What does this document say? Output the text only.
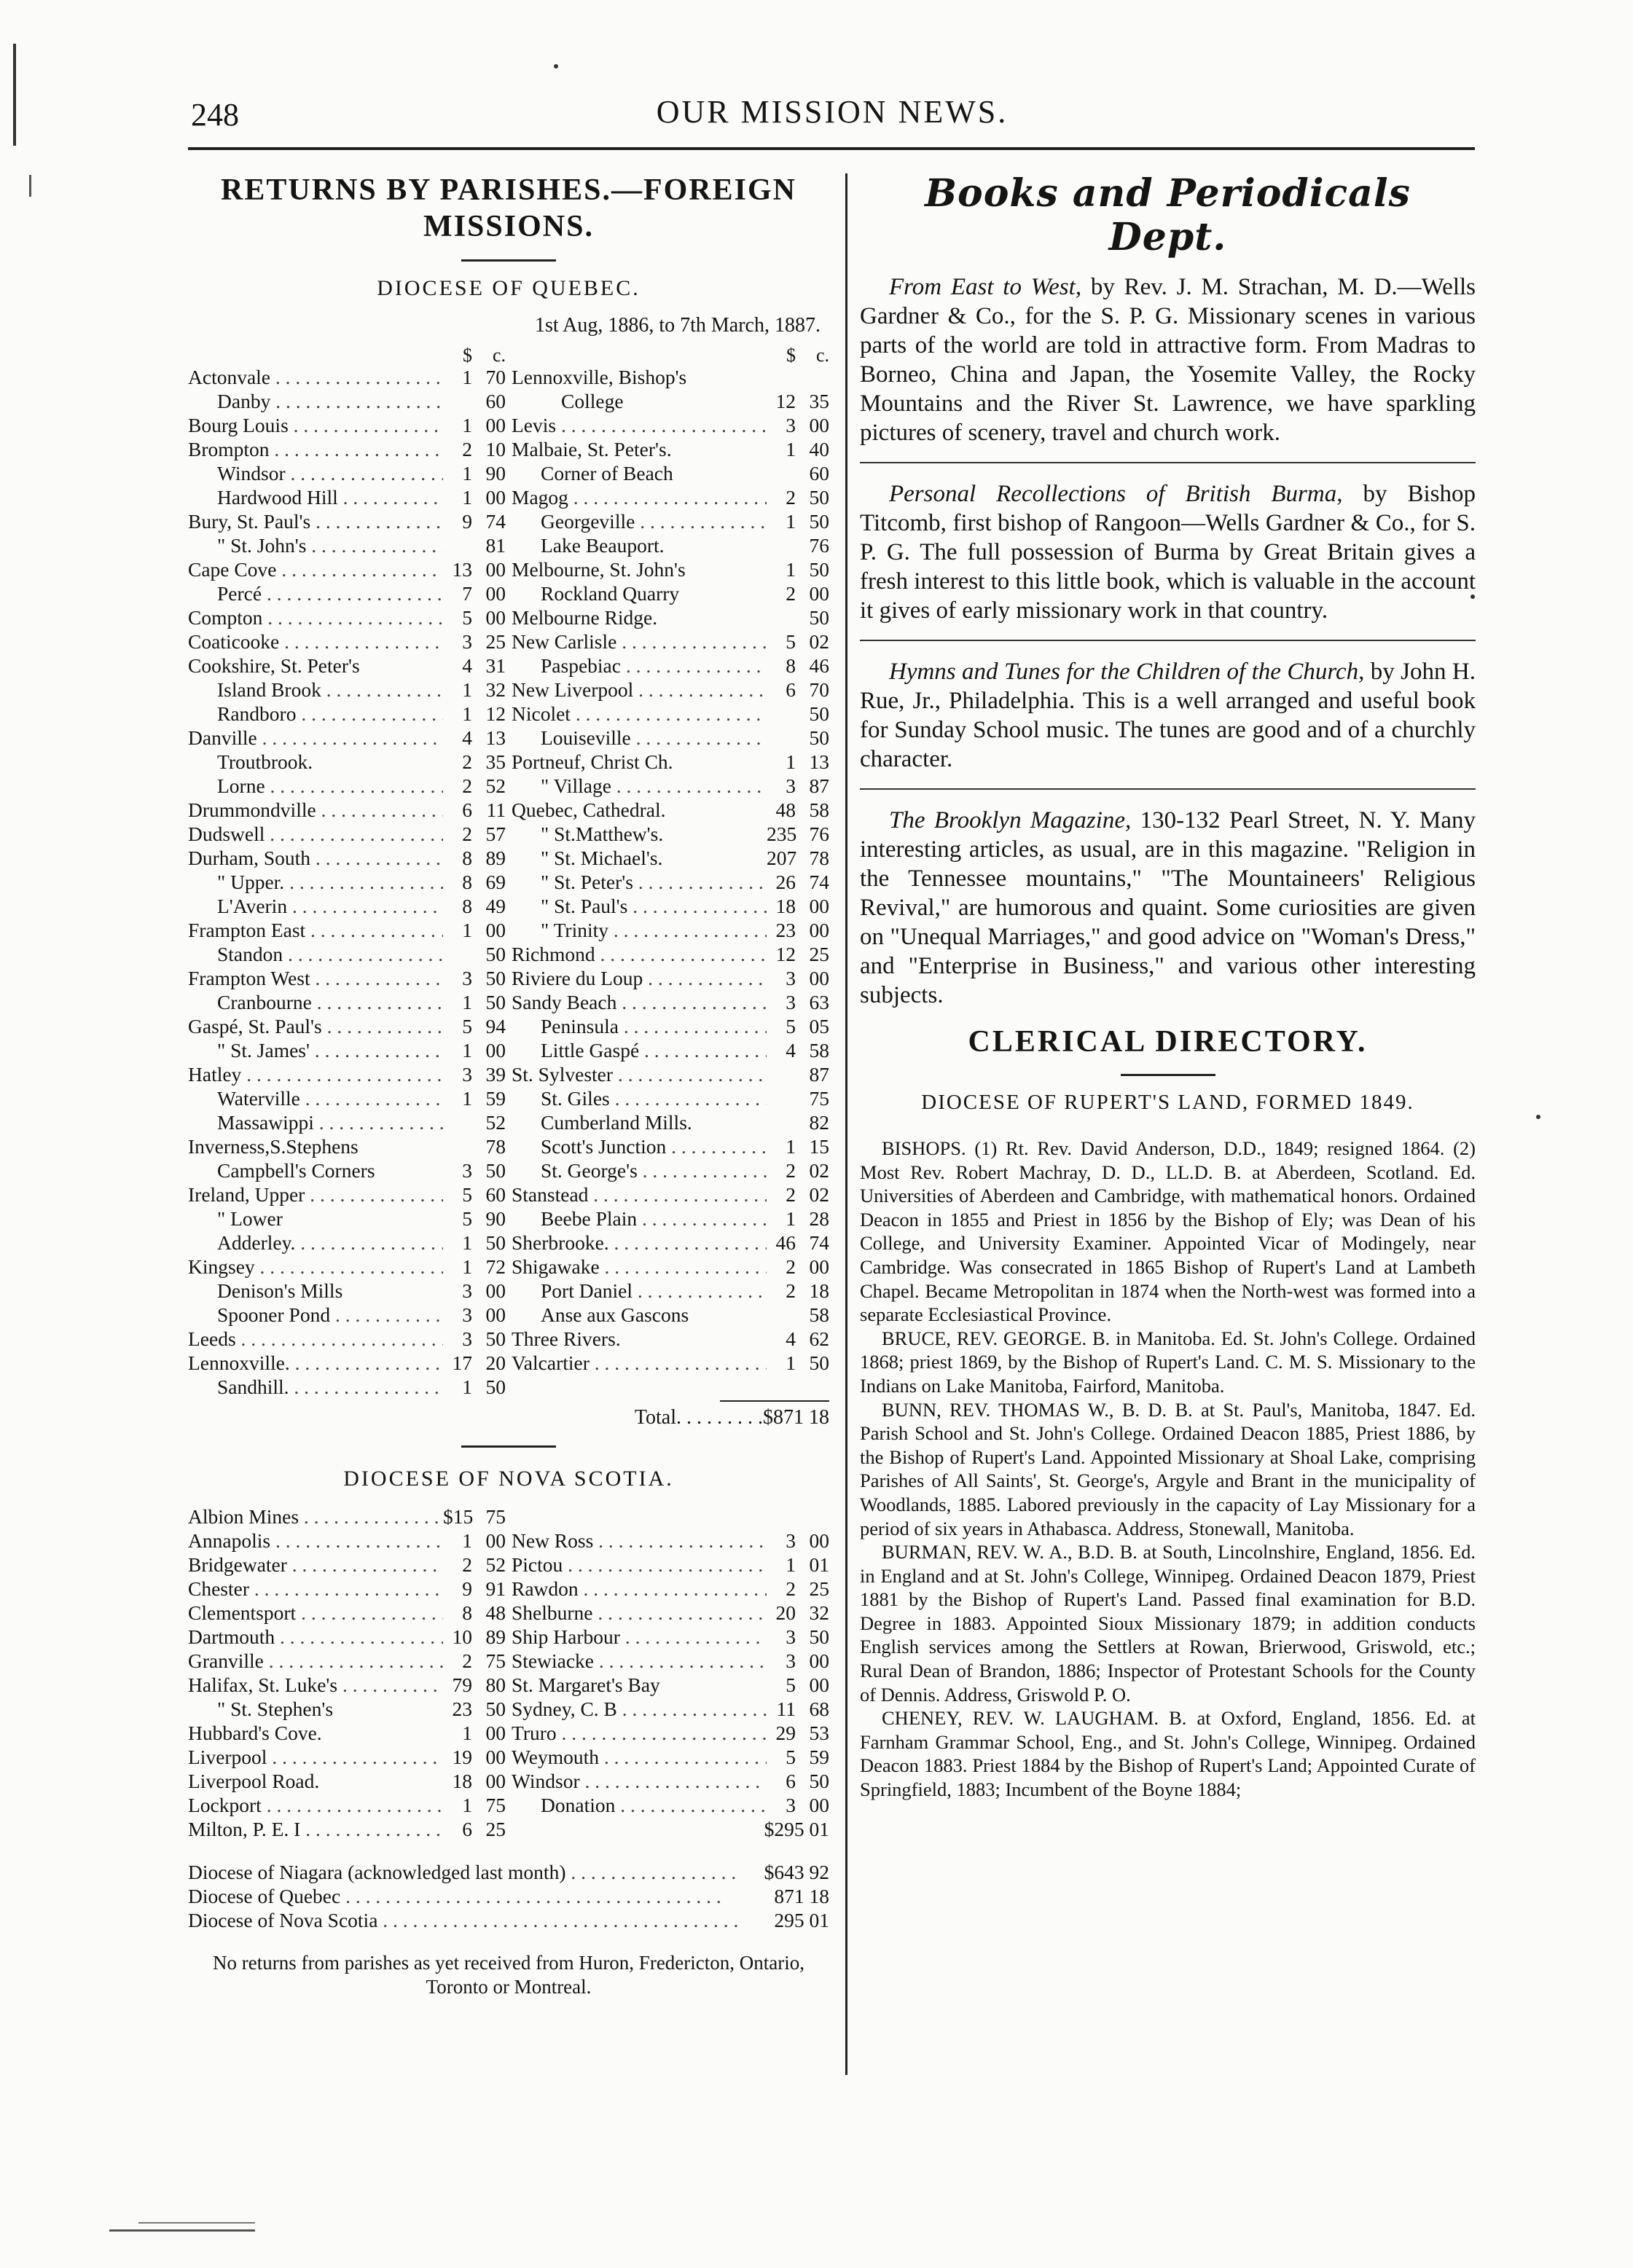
248	OUR MISSION NEWS.
RETURNS BY PARISHES.—FOREIGN
MISSIONS.
DIOCESE OF QUEBEC.
1st Aug, 1886, to 7th March, 1887.
$	c.
Actonvale . . .	1 70
Danby . . .	60
Bourg Louis . . .	1 00
Brompton . . .	2 10
Windsor . . .	1 90
Hardwood Hill . . .	1 00
Bury, St. Paul's . . .	9 74
" St. John's . . .	81
Cape Cove . . .	13 00
Percé . . .	7 00
Compton . . .	5 00
Coaticooke . . .	3 25
Cookshire, St. Peter's	4 31
Island Brook . . .	1 32
Randboro . . .	1 12
Danville . . .	4 13
Troutbrook.	2 35
Lorne . . .	2 52
Drummondville . . .	6 11
Dudswell . . .	2 57
Durham, South . . .	8 89
" Upper. . . .	8 69
L'Averin . . .	8 49
Frampton East . . .	1 00
Standon . . .	50
Frampton West . . .	3 50
Cranbourne . . .	1 50
Gaspé, St. Paul's . . .	5 94
" St. James' . . .	1 00
Hatley . . .	3 39
Waterville . . .	1 59
Massawippi . . .	52
Inverness,S.Stephens	78
Campbell's Corners	3 50
Ireland, Upper . . .	5 60
" Lower	5 90
Adderley. . . .	1 50
Kingsey . . .	1 72
Denison's Mills	3 00
Spooner Pond . . .	3 00
Leeds . . .	3 50
Lennoxville. . . .	17 20
Sandhill. . . .	1 50
$	c.
Lennoxville, Bishop's
College	12 35
Levis . . .	3 00
Malbaie, St. Peter's.	1 40
Corner of Beach	60
Magog . . .	2 50
Georgeville . . .	1 50
Lake Beauport.	76
Melbourne, St. John's	1 50
Rockland Quarry	2 00
Melbourne Ridge.	50
New Carlisle . . .	5 02
Paspebiac . . .	8 46
New Liverpool . . .	6 70
Nicolet . . .	50
Louiseville . . .	50
Portneuf, Christ Ch.	1 13
" Village . . .	3 87
Quebec, Cathedral.	48 58
" St.Matthew's.	235 76
" St. Michael's.	207 78
" St. Peter's . . .	26 74
" St. Paul's . . .	18 00
" Trinity . . .	23 00
Richmond . . .	12 25
Riviere du Loup . . .	3 00
Sandy Beach . . .	3 63
Peninsula . . .	5 05
Little Gaspé . . .	4 58
St. Sylvester . . .	87
St. Giles . . .	75
Cumberland Mills.	82
Scott's Junction . . .	1 15
St. George's . . .	2 02
Stanstead . . .	2 02
Beebe Plain . . .	1 28
Sherbrooke. . . .	46 74
Shigawake . . .	2 00
Port Daniel . . .	2 18
Anse aux Gascons	58
Three Rivers.	4 62
Valcartier . . .	1 50
Total . . . . . . . . . $871 18
DIOCESE OF NOVA SCOTIA.
Albion Mines . . .	$15 75
Annapolis . . .	1 00
Bridgewater . . .	2 52
Chester . . .	9 91
Clementsport . . .	8 48
Dartmouth . . .	10 89
Granville . . .	2 75
Halifax, St. Luke's . . .	79 80
" St. Stephen's	23 50
Hubbard's Cove.	1 00
Liverpool . . .	19 00
Liverpool Road.	18 00
Lockport . . .	1 75
Milton, P. E. I . . .	6 25
New Ross . . .	3 00
Pictou . . .	1 01
Rawdon . . .	2 25
Shelburne . . .	20 32
Ship Harbour . . .	3 50
Stewiacke . . .	3 00
St. Margaret's Bay	5 00
Sydney, C. B . . .	11 68
Truro . . .	29 53
Weymouth . . .	5 59
Windsor . . .	6 50
Donation . . .	3 00
$295 01
Diocese of Niagara (acknowledged last month) . . .	$643 92
Diocese of Quebec . . .	871 18
Diocese of Nova Scotia . . .	295 01
No returns from parishes as yet received from Huron, Fredericton, Ontario, Toronto or Montreal.
Books and Periodicals Dept.

From East to West, by Rev. J. M. Strachan, M. D.—Wells Gardner & Co., for the S. P. G. Missionary scenes in various parts of the world are told in attractive form. From Madras to Borneo, China and Japan, the Yosemite Valley, the Rocky Mountains and the River St. Lawrence, we have sparkling pictures of scenery, travel and church work.

Personal Recollections of British Burma, by Bishop Titcomb, first bishop of Rangoon—Wells Gardner & Co., for S. P. G. The full possession of Burma by Great Britain gives a fresh interest to this little book, which is valuable in the account it gives of early missionary work in that country.

Hymns and Tunes for the Children of the Church, by John H. Rue, Jr., Philadelphia. This is a well arranged and useful book for Sunday School music. The tunes are good and of a churchly character.

The Brooklyn Magazine, 130-132 Pearl Street, N. Y. Many interesting articles, as usual, are in this magazine. "Religion in the Tennessee mountains," "The Mountaineers' Religious Revival," are humorous and quaint. Some curiosities are given on "Unequal Marriages," and good advice on "Woman's Dress," and "Enterprise in Business," and various other interesting subjects.

CLERICAL DIRECTORY.
DIOCESE OF RUPERT'S LAND, FORMED 1849.

BISHOPS. (1) Rt. Rev. David Anderson, D.D., 1849; resigned 1864. (2) Most Rev. Robert Machray, D. D., LL.D. B. at Aberdeen, Scotland. Ed. Universities of Aberdeen and Cambridge, with mathematical honors. Ordained Deacon in 1855 and Priest in 1856 by the Bishop of Ely; was Dean of his College, and University Examiner. Appointed Vicar of Modingely, near Cambridge. Was consecrated in 1865 Bishop of Rupert's Land at Lambeth Chapel. Became Metropolitan in 1874 when the North-west was formed into a separate Ecclesiastical Province.

BRUCE, REV. GEORGE. B. in Manitoba. Ed. St. John's College. Ordained 1868; priest 1869, by the Bishop of Rupert's Land. C. M. S. Missionary to the Indians on Lake Manitoba, Fairford, Manitoba.

BUNN, REV. THOMAS W., B. D. B. at St. Paul's, Manitoba, 1847. Ed. Parish School and St. John's College. Ordained Deacon 1885, Priest 1886, by the Bishop of Rupert's Land. Appointed Missionary at Shoal Lake, comprising Parishes of All Saints', St. George's, Argyle and Brant in the municipality of Woodlands, 1885. Labored previously in the capacity of Lay Missionary for a period of six years in Athabasca. Address, Stonewall, Manitoba.

BURMAN, REV. W. A., B.D. B. at South, Lincolnshire, England, 1856. Ed. in England and at St. John's College, Winnipeg. Ordained Deacon 1879, Priest 1881 by the Bishop of Rupert's Land. Passed final examination for B.D. Degree in 1883. Appointed Sioux Missionary 1879; in addition conducts English services among the Settlers at Rowan, Brierwood, Griswold, etc.; Rural Dean of Brandon, 1886; Inspector of Protestant Schools for the County of Dennis. Address, Griswold P. O.

CHENEY, REV. W. LAUGHAM. B. at Oxford, England, 1856. Ed. at Farnham Grammar School, Eng., and St. John's College, Winnipeg. Ordained Deacon 1883. Priest 1884 by the Bishop of Rupert's Land; Appointed Curate of Springfield, 1883; Incumbent of the Boyne 1884;
